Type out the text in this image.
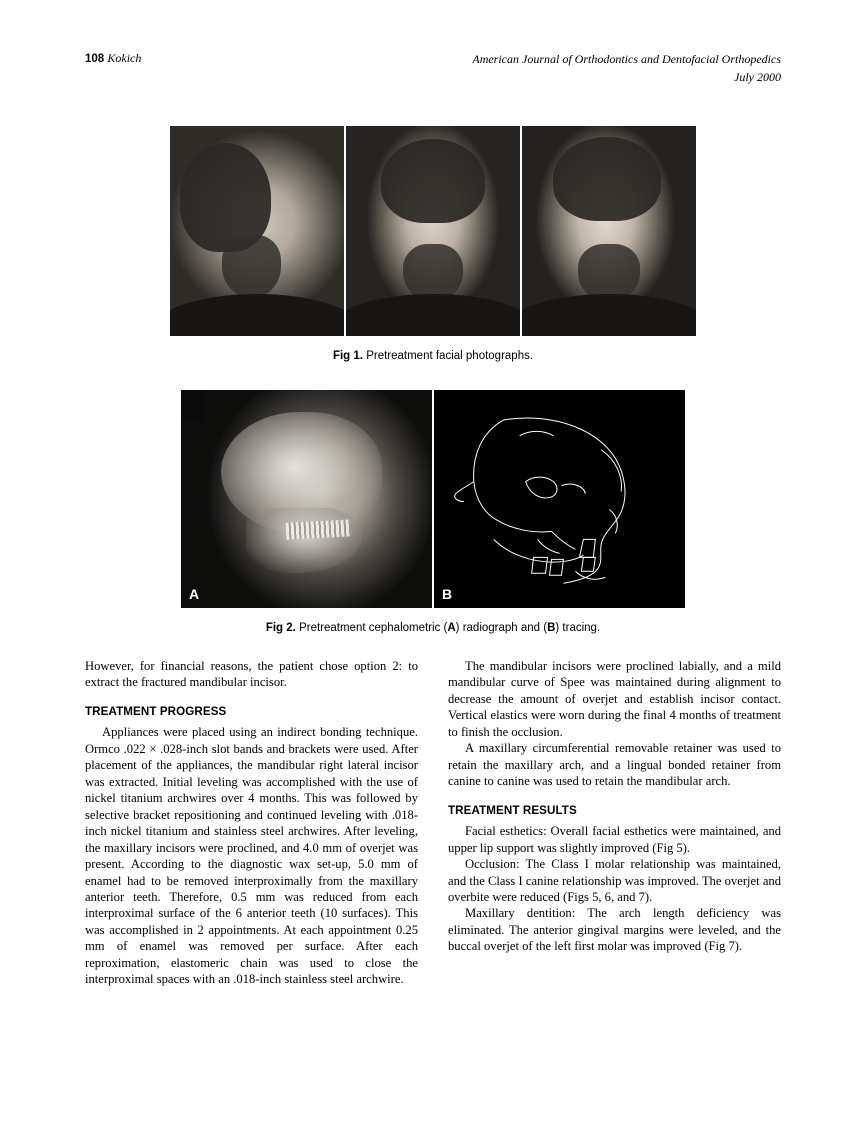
108 Kokich	American Journal of Orthodontics and Dentofacial Orthopedics
July 2000
Fig 1. Pretreatment facial photographs.
A	B
Fig 2. Pretreatment cephalometric (A) radiograph and (B) tracing.

However, for financial reasons, the patient chose option 2: to extract the fractured mandibular incisor.

TREATMENT PROGRESS

Appliances were placed using an indirect bonding technique. Ormco .022 × .028-inch slot bands and brackets were used. After placement of the appliances, the mandibular right lateral incisor was extracted. Initial leveling was accomplished with the use of nickel titanium archwires over 4 months. This was followed by selective bracket repositioning and continued leveling with .018-inch nickel titanium and stainless steel archwires. After leveling, the maxillary incisors were proclined, and 4.0 mm of overjet was present. According to the diagnostic wax set-up, 5.0 mm of enamel had to be removed interproximally from the maxillary anterior teeth. Therefore, 0.5 mm was reduced from each interproximal surface of the 6 anterior teeth (10 surfaces). This was accomplished in 2 appointments. At each appointment 0.25 mm of enamel was removed per surface. After each reproximation, elastomeric chain was used to close the interproximal spaces with an .018-inch stainless steel archwire.

The mandibular incisors were proclined labially, and a mild mandibular curve of Spee was maintained during alignment to decrease the amount of overjet and establish incisor contact. Vertical elastics were worn during the final 4 months of treatment to finish the occlusion.

A maxillary circumferential removable retainer was used to retain the maxillary arch, and a lingual bonded retainer from canine to canine was used to retain the mandibular arch.

TREATMENT RESULTS

Facial esthetics: Overall facial esthetics were maintained, and upper lip support was slightly improved (Fig 5).

Occlusion: The Class I molar relationship was maintained, and the Class I canine relationship was improved. The overjet and overbite were reduced (Figs 5, 6, and 7).

Maxillary dentition: The arch length deficiency was eliminated. The anterior gingival margins were leveled, and the buccal overjet of the left first molar was improved (Fig 7).
